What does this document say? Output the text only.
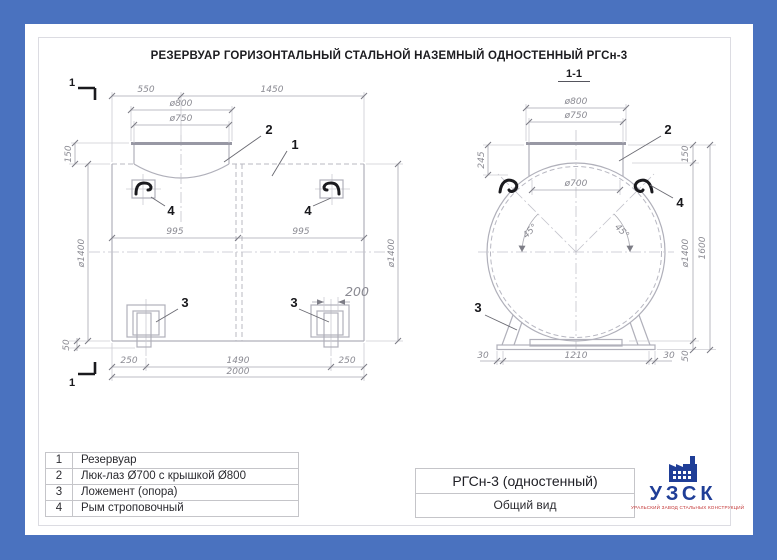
РЕЗЕРВУАР ГОРИЗОНТАЛЬНЫЙ СТАЛЬНОЙ НАЗЕМНЫЙ ОДНОСТЕННЫЙ РГСн-3
1-1
1
1
550	1450
ø800
ø750
150
ø1400	ø1400
995	995
200
50
250	1490	250
2000
2
1
4	4
3	3
ø800
ø750
ø700
245	150
ø1400 1600
50
45°	45°
30	1210	30
2
4
3
1	Резервуар
2	Люк-лаз Ø700 с крышкой Ø800
3	Ложемент (опора)
4	Рым строповочный
РГСн-3 (одностенный)
Общий вид	УЗСК
УРАЛЬСКИЙ ЗАВОД СТАЛЬНЫХ КОНСТРУКЦИЙ
